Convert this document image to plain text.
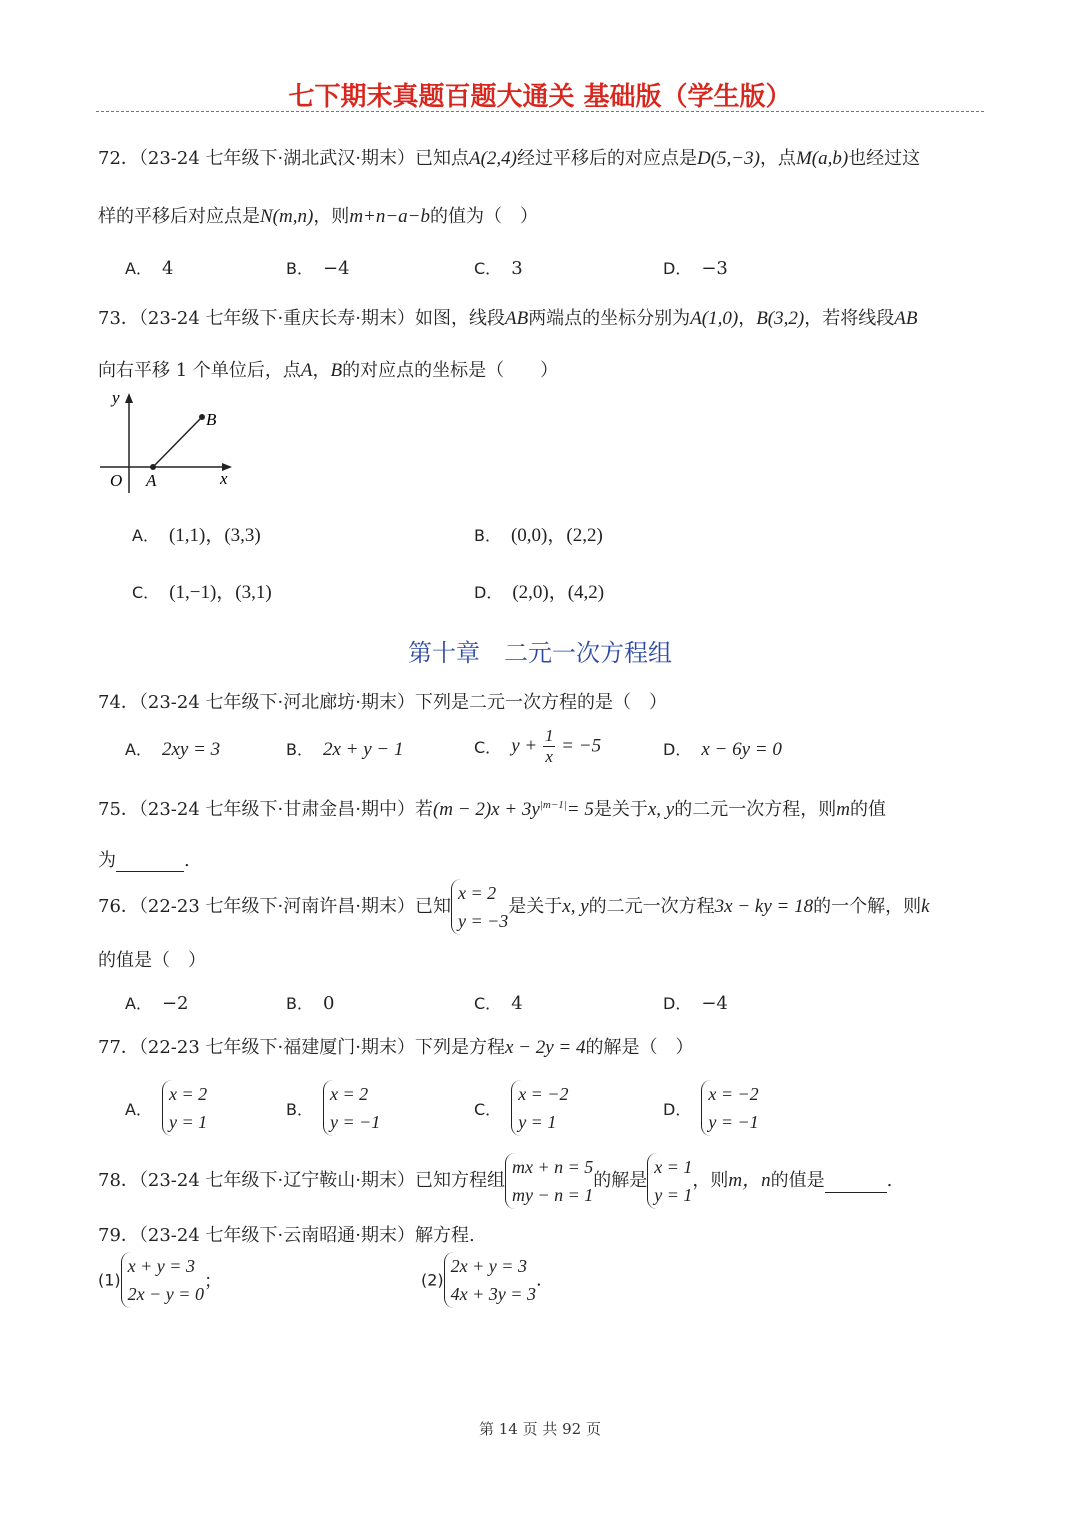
七下期末真题百题大通关 基础版（学生版）
72．（23-24 七年级下·湖北武汉·期末）已知点A(2,4)经过平移后的对应点是D(5,−3)，点M(a,b)也经过这
样的平移后对应点是N(m,n)，则m+n−a−b的值为（　）
A． 4	B． −4	C． 3	D． −3
73．（23-24 七年级下·重庆长寿·期末）如图，线段AB两端点的坐标分别为A(1,0)，B(3,2)，若将线段AB
向右平移 1 个单位后，点A，B的对应点的坐标是（　　）
y
x
O A
B
A． (1,1)，(3,3)	B． (0,0)，(2,2)
C． (1,−1)，(3,1)	D． (2,0)，(4,2)
第十章　二元一次方程组
74．（23-24 七年级下·河北廊坊·期末）下列是二元一次方程的是（　）
A． 2xy = 3	B． 2x + y − 1	C． $y + \frac{1}{x} = -5$	D． x − 6y = 0
75．（23-24 七年级下·甘肃金昌·期中）若$(m - 2)x + 3y^{|m-1|}= 5$是关于x, y的二元一次方程，则m的值
为	.
76．（22-23 七年级下·河南许昌·期末）已知
x = 2
y = −3
是关于x, y的二元一次方程3x − ky = 18的一个解，则k
的值是（　）
A． −2	B． 0	C． 4	D． −4
77．（22-23 七年级下·福建厦门·期末）下列是方程x − 2y = 4的解是（　）
A．
x = 2
y = 1
B．
x = 2
y = −1
C．
x = −2
y = 1
D．
x = −2
y = −1
78．（23-24 七年级下·辽宁鞍山·期末）已知方程组
mx + n = 5
my − n = 1
的解是
x = 1
y = 1
，则m，n的值是	.
79．（23-24 七年级下·云南昭通·期末）解方程.
(1)
x + y = 3
2x − y = 0
；	(2)
2x + y = 3
4x + 3y = 3
.
第 14 页 共 92 页
